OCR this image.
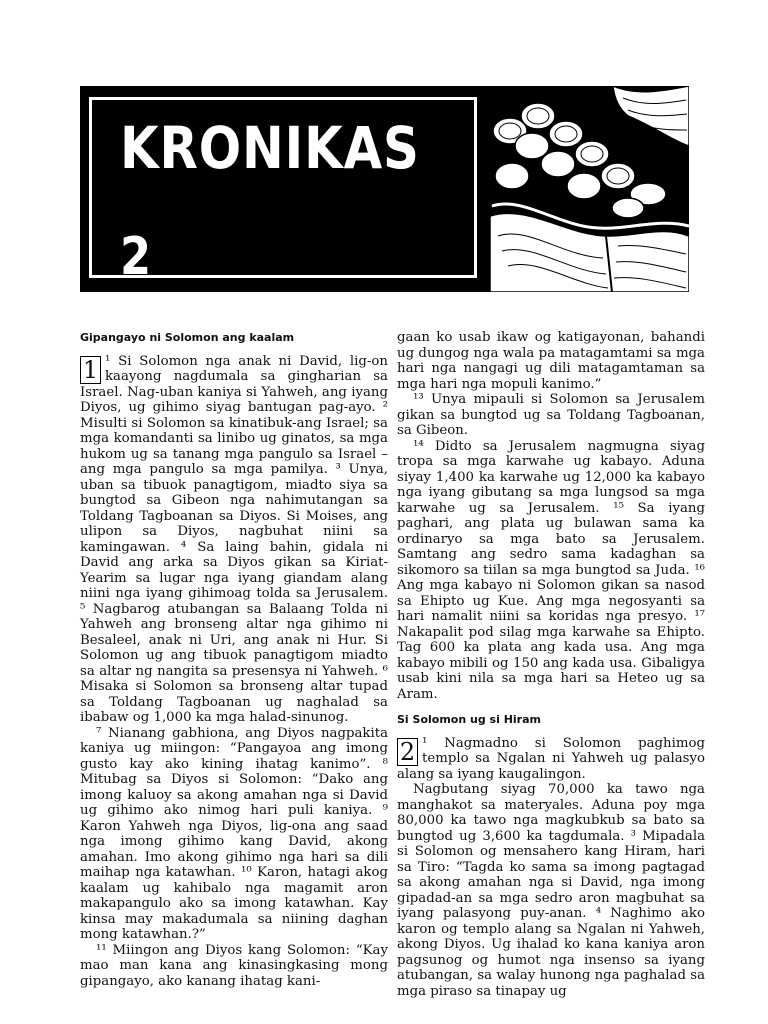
KRONIKAS
2
Gipangayo ni Solomon ang kaalam

1 ¹ Si Solomon nga anak ni David, lig-on kaayong nagdumala sa gingharian sa Israel. Nag-uban kaniya si Yahweh, ang iyang Diyos, ug gihimo siyag bantugan pag-ayo. ² Misulti si Solomon sa kinatibuk-ang Israel; sa mga komandanti sa linibo ug ginatos, sa mga hukom ug sa tanang mga pangulo sa Israel – ang mga pangulo sa mga pamilya. ³ Unya, uban sa tibuok panagtigom, miadto siya sa bungtod sa Gibeon nga nahimutangan sa Toldang Tagboanan sa Diyos. Si Moises, ang ulipon sa Diyos, nagbuhat niini sa kamingawan. ⁴ Sa laing bahin, gidala ni David ang arka sa Diyos gikan sa Kiriat-Yearim sa lugar nga iyang giandam alang niini nga iyang gihimoag tolda sa Jerusalem. ⁵ Nagbarog atubangan sa Balaang Tolda ni Yahweh ang bronseng altar nga gihimo ni Besaleel, anak ni Uri, ang anak ni Hur. Si Solomon ug ang tibuok panagtigom miadto sa altar ng nangita sa presensya ni Yahweh. ⁶ Misaka si Solomon sa bronseng altar tupad sa Toldang Tagboanan ug naghalad sa ibabaw og 1,000 ka mga halad-sinunog.

⁷ Nianang gabhiona, ang Diyos nagpakita kaniya ug miingon: “Pangayoa ang imong gusto kay ako kining ihatag kanimo”. ⁸ Mitubag sa Diyos si Solomon: “Dako ang imong kaluoy sa akong amahan nga si David ug gihimo ako nimog hari puli kaniya. ⁹ Karon Yahweh nga Diyos, lig-ona ang saad nga imong gihimo kang David, akong amahan. Imo akong gihimo nga hari sa dili maihap nga katawhan. ¹⁰ Karon, hatagi akog kaalam ug kahibalo nga magamit aron makapangulo ako sa imong katawhan. Kay kinsa may makadumala sa niining daghan mong katawhan.?”

¹¹ Miingon ang Diyos kang Solomon: “Kay mao man kana ang kinasingkasing mong gipangayo, ako kanang ihatag kani-

gaan ko usab ikaw og katigayonan, bahandi ug dungog nga wala pa matagamtami sa mga hari nga nangagi ug dili matagamtaman sa mga hari nga mopuli kanimo.”

¹³ Unya mipauli si Solomon sa Jerusalem gikan sa bungtod ug sa Toldang Tagboanan, sa Gibeon.

¹⁴ Didto sa Jerusalem nagmugna siyag tropa sa mga karwahe ug kabayo. Aduna siyay 1,400 ka karwahe ug 12,000 ka kabayo nga iyang gibutang sa mga lungsod sa mga karwahe ug sa Jerusalem. ¹⁵ Sa iyang paghari, ang plata ug bulawan sama ka ordinaryo sa mga bato sa Jerusalem. Samtang ang sedro sama kadaghan sa sikomoro sa tiilan sa mga bungtod sa Juda. ¹⁶ Ang mga kabayo ni Solomon gikan sa nasod sa Ehipto ug Kue. Ang mga negosyanti sa hari namalit niini sa koridas nga presyo. ¹⁷ Nakapalit pod silag mga karwahe sa Ehipto. Tag 600 ka plata ang kada usa. Ang mga kabayo mibili og 150 ang kada usa. Gibaligya usab kini nila sa mga hari sa Heteo ug sa Aram.

Si Solomon ug si Hiram

2 ¹ Nagmadno si Solomon paghimog templo sa Ngalan ni Yahweh ug palasyo alang sa iyang kaugalingon.

Nagbutang siyag 70,000 ka tawo nga manghakot sa materyales. Aduna poy mga 80,000 ka tawo nga magkubkub sa bato sa bungtod ug 3,600 ka tagdumala. ³ Mipadala si Solomon og mensahero kang Hiram, hari sa Tiro: “Tagda ko sama sa imong pagtagad sa akong amahan nga si David, nga imong gipadad-an sa mga sedro aron magbuhat sa iyang palasyong puy-anan. ⁴ Naghimo ako karon og templo alang sa Ngalan ni Yahweh, akong Diyos. Ug ihalad ko kana kaniya aron pagsunog og humot nga insenso sa iyang atubangan, sa walay hunong nga paghalad sa mga piraso sa tinapay ug
